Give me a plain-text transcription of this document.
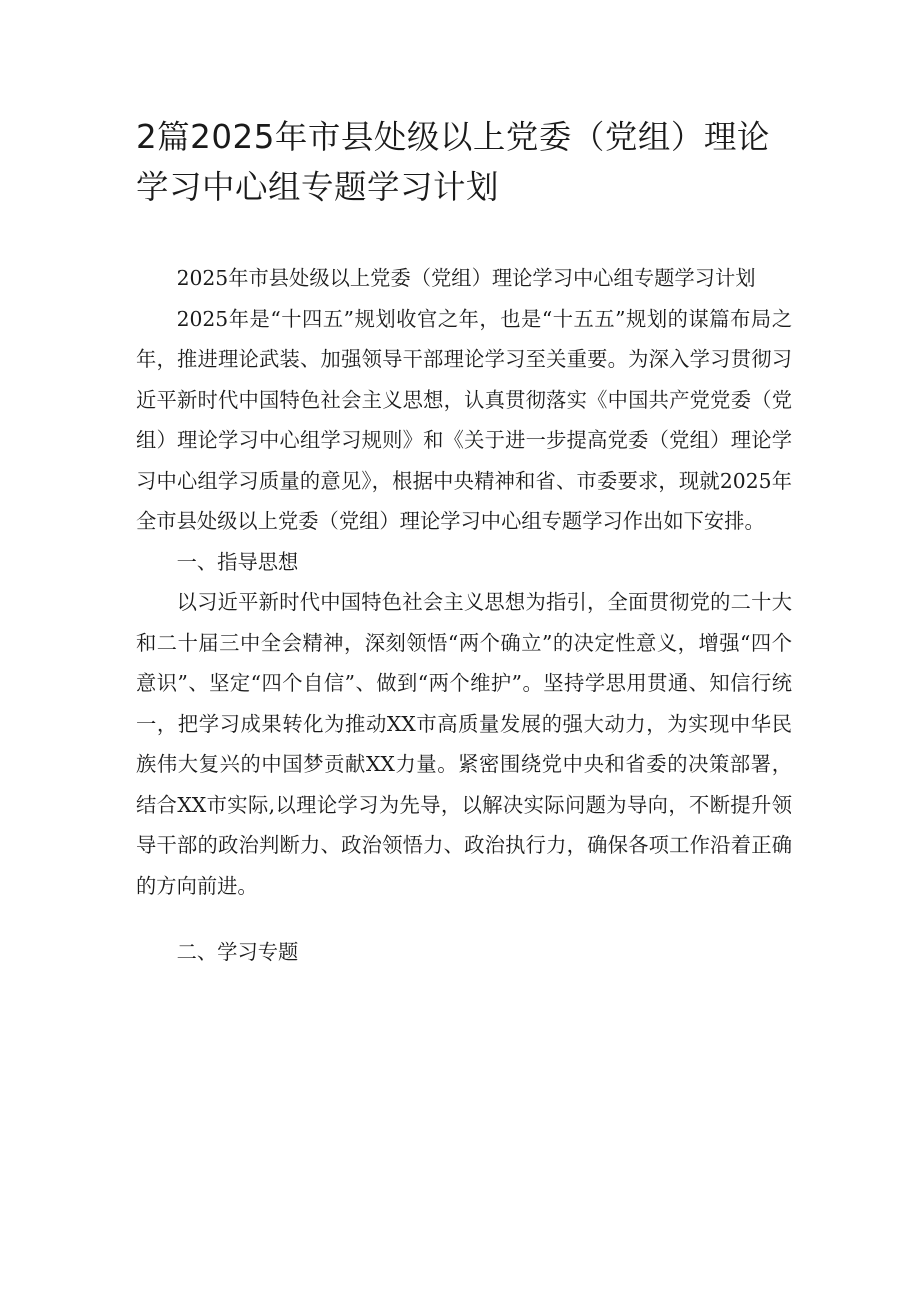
2篇2025年市县处级以上党委（党组）理论学习中心组专题学习计划

2025年市县处级以上党委（党组）理论学习中心组专题学习计划

2025年是“十四五”规划收官之年，也是“十五五”规划的谋篇布局之年，推进理论武装、加强领导干部理论学习至关重要。为深入学习贯彻习近平新时代中国特色社会主义思想，认真贯彻落实《中国共产党党委（党组）理论学习中心组学习规则》和《关于进一步提高党委（党组）理论学习中心组学习质量的意见》，根据中央精神和省、市委要求，现就2025年全市县处级以上党委（党组）理论学习中心组专题学习作出如下安排。

一、指导思想

以习近平新时代中国特色社会主义思想为指引，全面贯彻党的二十大和二十届三中全会精神，深刻领悟“两个确立”的决定性意义，增强“四个意识”、坚定“四个自信”、做到“两个维护”。坚持学思用贯通、知信行统一，把学习成果转化为推动XX市高质量发展的强大动力，为实现中华民族伟大复兴的中国梦贡献XX力量。紧密围绕党中央和省委的决策部署，结合XX市实际,以理论学习为先导，以解决实际问题为导向，不断提升领导干部的政治判断力、政治领悟力、政治执行力，确保各项工作沿着正确的方向前进。

二、学习专题
